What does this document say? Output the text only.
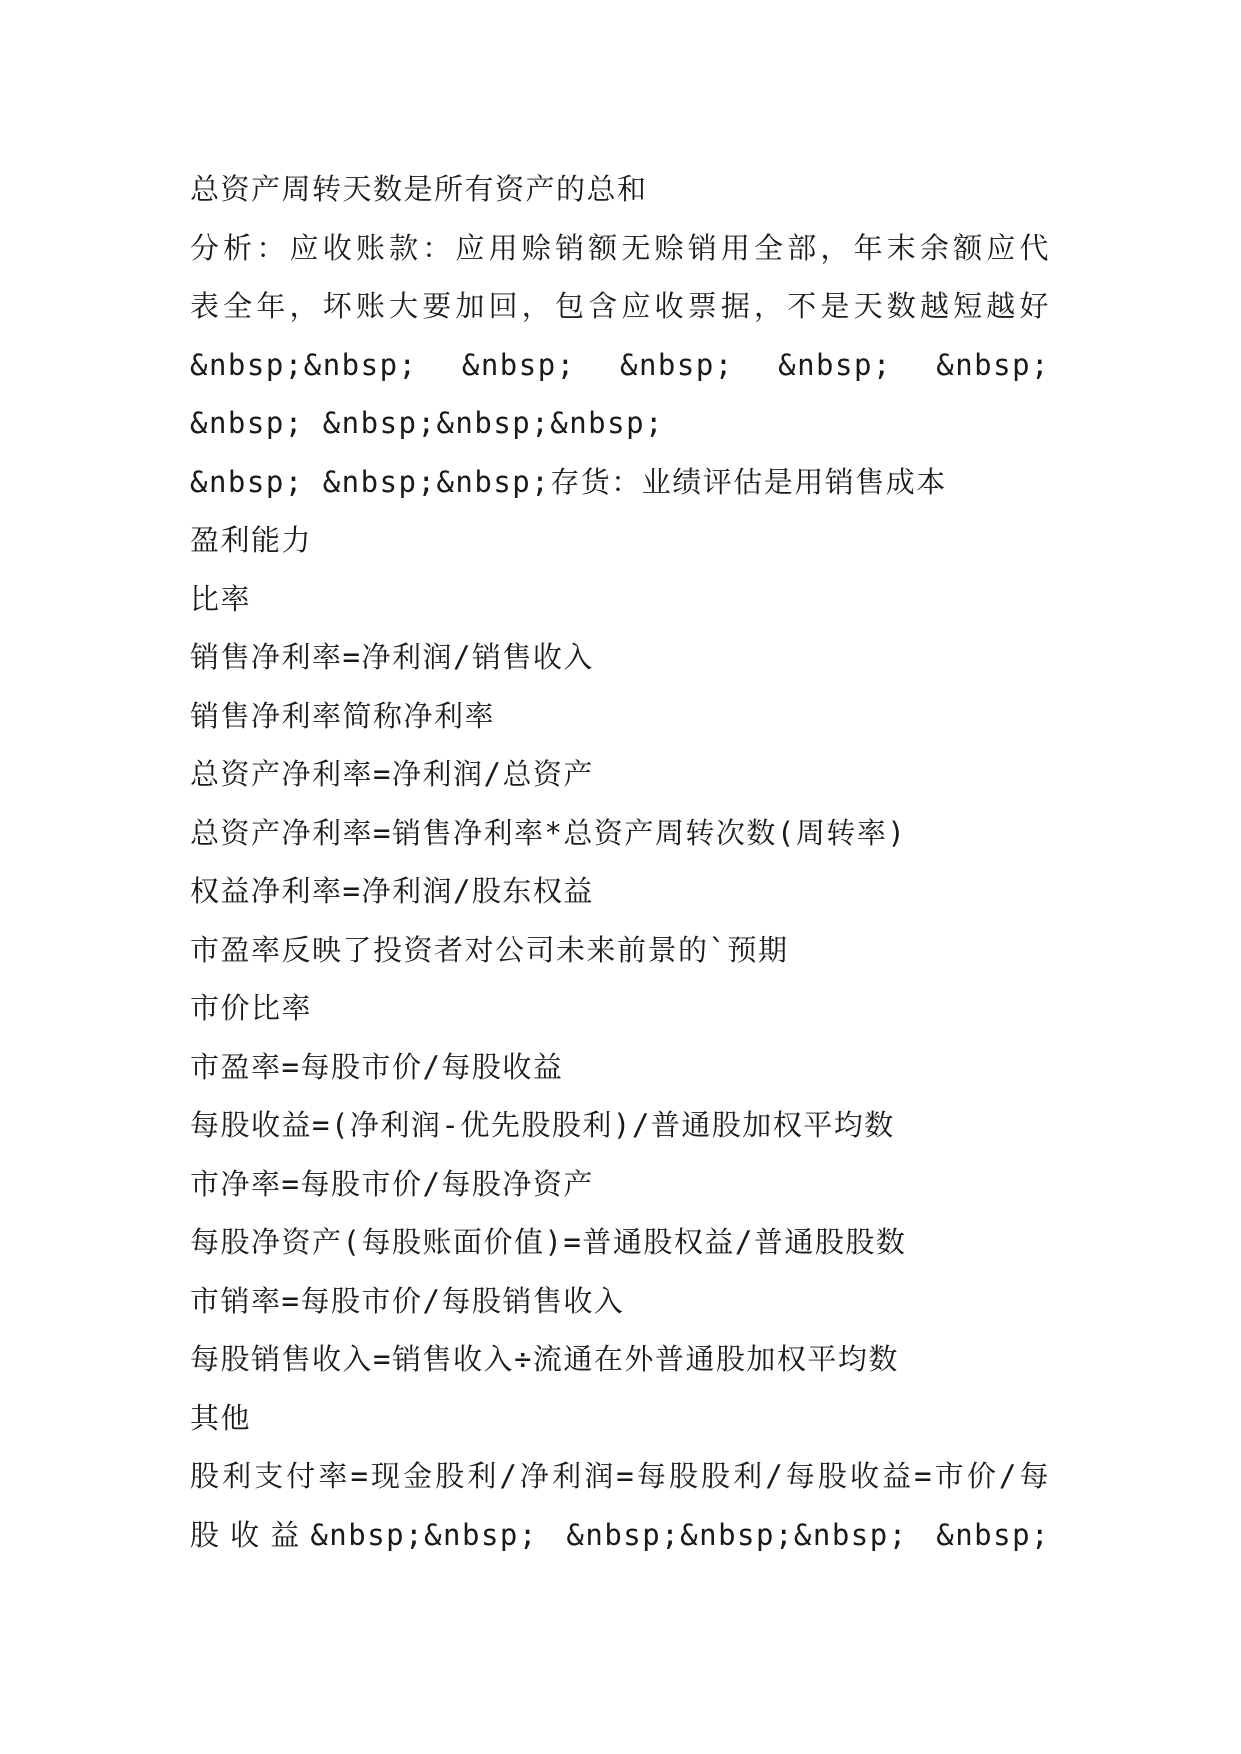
总资产周转天数是所有资产的总和
分析：应收账款：应用赊销额无赊销用全部，年末余额应代
表全年，坏账大要加回，包含应收票据，不是天数越短越好
&nbsp;&nbsp; &nbsp; &nbsp; &nbsp; &nbsp;
&nbsp; &nbsp;&nbsp;&nbsp;
&nbsp; &nbsp;&nbsp;存货：业绩评估是用销售成本
盈利能力
比率
销售净利率=净利润/销售收入
销售净利率简称净利率
总资产净利率=净利润/总资产
总资产净利率=销售净利率*总资产周转次数(周转率)
权益净利率=净利润/股东权益
市盈率反映了投资者对公司未来前景的`预期
市价比率
市盈率=每股市价/每股收益
每股收益=(净利润-优先股股利)/普通股加权平均数
市净率=每股市价/每股净资产
每股净资产(每股账面价值)=普通股权益/普通股股数
市销率=每股市价/每股销售收入
每股销售收入=销售收入÷流通在外普通股加权平均数
其他
股利支付率=现金股利/净利润=每股股利/每股收益=市价/每
股收益&nbsp;&nbsp; &nbsp;&nbsp;&nbsp; &nbsp;
